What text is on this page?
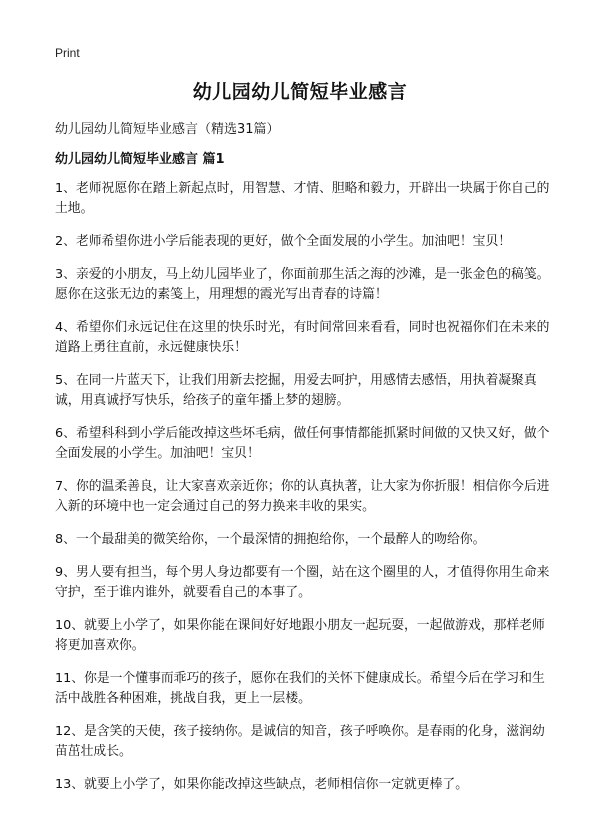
Print
幼儿园幼儿简短毕业感言
幼儿园幼儿简短毕业感言（精选31篇）
幼儿园幼儿简短毕业感言 篇1
1、老师祝愿你在踏上新起点时，用智慧、才情、胆略和毅力，开辟出一块属于你自己的 土地。
2、老师希望你进小学后能表现的更好，做个全面发展的小学生。加油吧！宝贝！
3、亲爱的小朋友，马上幼儿园毕业了，你面前那生活之海的沙滩，是一张金色的稿笺。愿你在这张无边的素笺上，用理想的霞光写出青春的诗篇！
4、希望你们永远记住在这里的快乐时光，有时间常回来看看，同时也祝福你们在未来的道路上勇往直前，永远健康快乐！
5、在同一片蓝天下，让我们用新去挖掘，用爱去呵护，用感情去感悟，用执着凝聚真诚，用真诚抒写快乐，给孩子的童年播上梦的翅膀。
6、希望科科到小学后能改掉这些坏毛病，做任何事情都能抓紧时间做的又快又好，做个全面发展的小学生。加油吧！宝贝！
7、你的温柔善良，让大家喜欢亲近你；你的认真执著，让大家为你折服！相信你今后进入新的环境中也一定会通过自己的努力换来丰收的果实。
8、一个最甜美的微笑给你，一个最深情的拥抱给你，一个最醉人的吻给你。
9、男人要有担当，每个男人身边都要有一个圈，站在这个圈里的人，才值得你用生命来守护，至于谁内谁外，就要看自己的本事了。
10、就要上小学了，如果你能在课间好好地跟小朋友一起玩耍，一起做游戏，那样老师将更加喜欢你。
11、你是一个懂事而乖巧的孩子，愿你在我们的关怀下健康成长。希望今后在学习和生活中战胜各种困难，挑战自我，更上一层楼。
12、是含笑的天使，孩子接纳你。是诚信的知音，孩子呼唤你。是春雨的化身，滋润幼苗茁壮成长。
13、就要上小学了，如果你能改掉这些缺点，老师相信你一定就更棒了。
